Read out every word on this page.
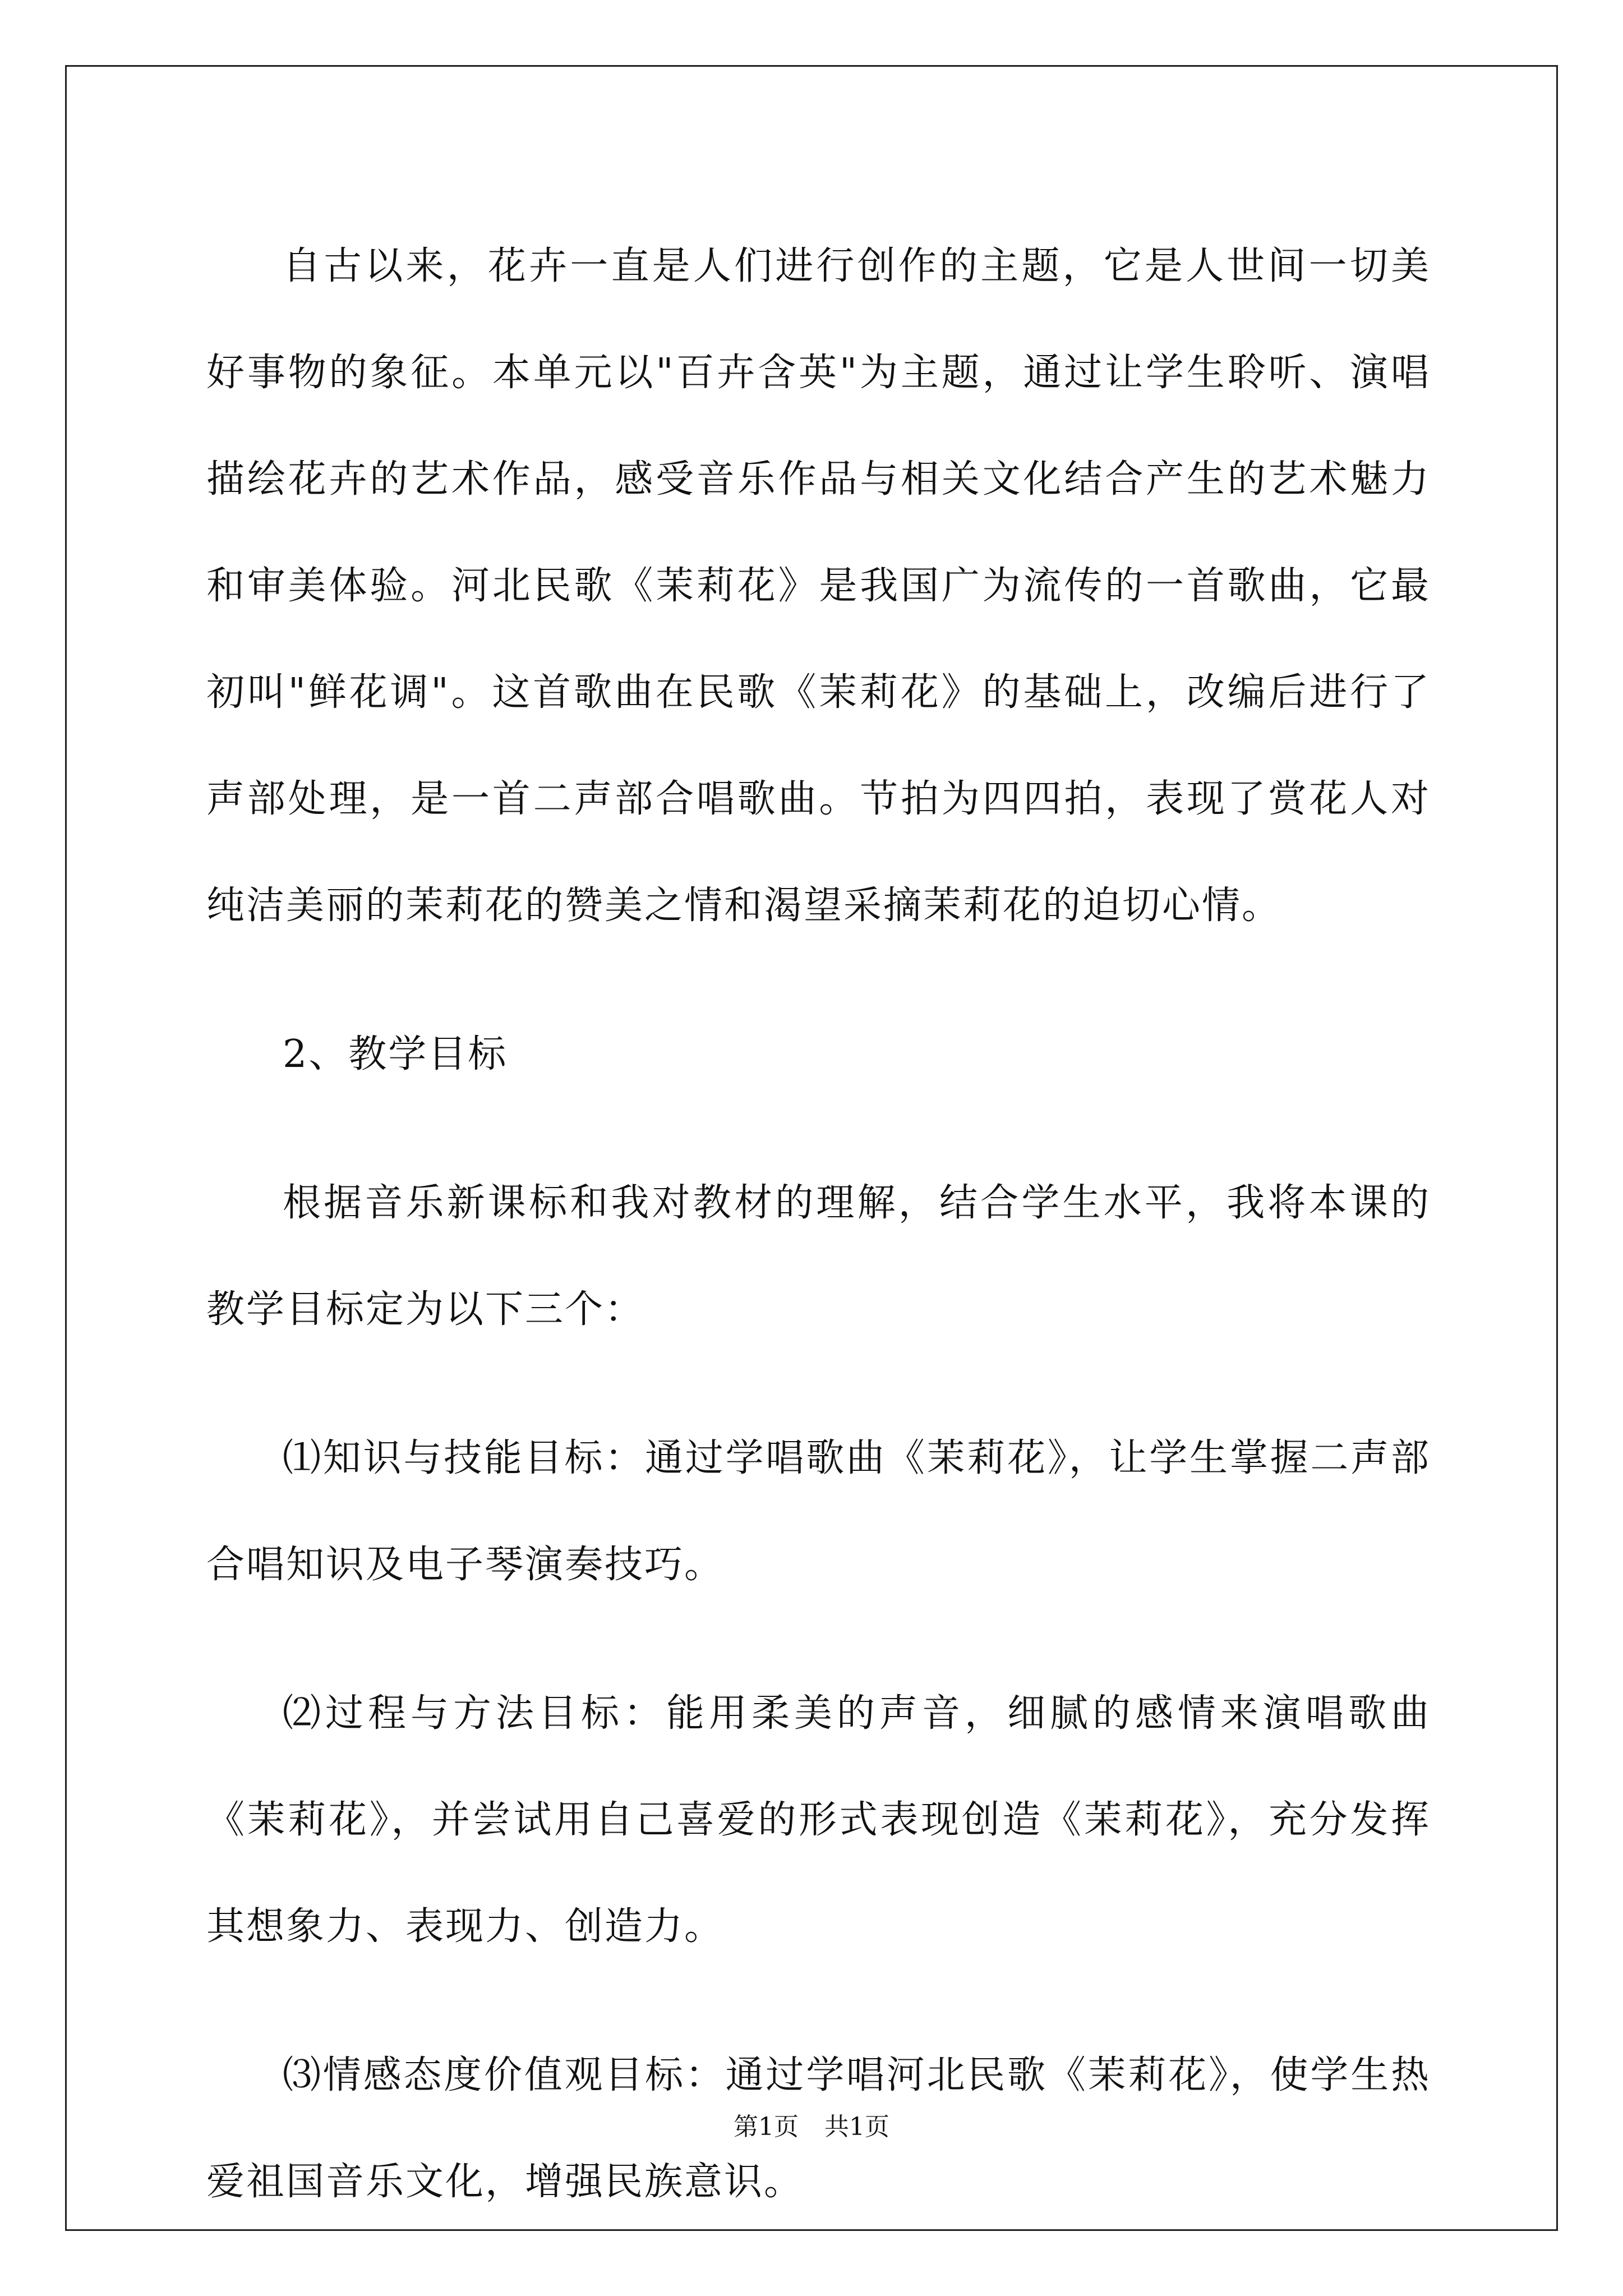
自古以来，花卉一直是人们进行创作的主题，它是人世间一切美好事物的象征。本单元以"百卉含英"为主题，通过让学生聆听、演唱描绘花卉的艺术作品，感受音乐作品与相关文化结合产生的艺术魅力和审美体验。河北民歌《茉莉花》是我国广为流传的一首歌曲，它最初叫"鲜花调"。这首歌曲在民歌《茉莉花》的基础上，改编后进行了声部处理，是一首二声部合唱歌曲。节拍为四四拍，表现了赏花人对纯洁美丽的茉莉花的赞美之情和渴望采摘茉莉花的迫切心情。

2、教学目标

根据音乐新课标和我对教材的理解，结合学生水平，我将本课的教学目标定为以下三个：

⑴知识与技能目标：通过学唱歌曲《茉莉花》，让学生掌握二声部合唱知识及电子琴演奏技巧。

⑵过程与方法目标：能用柔美的声音，细腻的感情来演唱歌曲《茉莉花》，并尝试用自己喜爱的形式表现创造《茉莉花》，充分发挥其想象力、表现力、创造力。

⑶情感态度价值观目标：通过学唱河北民歌《茉莉花》，使学生热爱祖国音乐文化，增强民族意识。

第1页 共1页
